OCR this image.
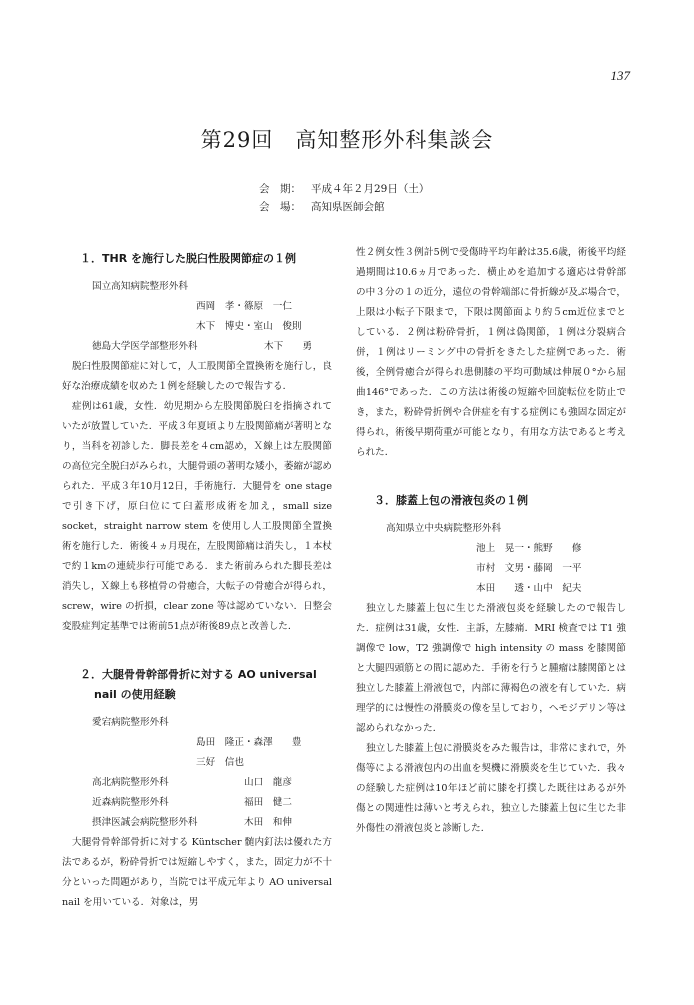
137
第29回　高知整形外科集談会
会　期： 平成４年２月29日（土）
会　場： 高知県医師会館
１．THR を施行した脱臼性股関節症の１例
国立高知病院整形外科
西岡　孝・篠原　一仁
木下　博史・室山　俊則
徳島大学医学部整形外科	木下　　勇

脱臼性股関節症に対して，人工股関節全置換術を施行し，良好な治療成績を収めた１例を経験したので報告する．

症例は61歳，女性．幼児期から左股関節脱臼を指摘されていたが放置していた．平成３年夏頃より左股関節痛が著明となり，当科を初診した．脚長差を４cm認め，Ｘ線上は左股関節の高位完全脱臼がみられ，大腿骨頭の著明な矮小，萎縮が認められた．平成３年10月12日，手術施行．大腿骨を one stage で引き下げ，原臼位にて臼蓋形成術を加え，small size socket，straight narrow stem を使用し人工股関節全置換術を施行した．術後４ヵ月現在，左股関節痛は消失し，１本杖で約１kmの連続歩行可能である．また術前みられた脚長差は消失し，Ｘ線上も移植骨の骨癒合，大転子の骨癒合が得られ，screw，wire の折損，clear zone 等は認めていない．日整会変股症判定基準では術前51点が術後89点と改善した．

２．大腿骨骨幹部骨折に対する AO universal nail の使用経験
愛宕病院整形外科
島田　隆正・森澤　　豊
三好　信也
高北病院整形外科	山口　龍彦
近森病院整形外科	福田　健二
摂津医誠会病院整形外科	木田　和伸

大腿骨骨幹部骨折に対する Küntscher 髄内釘法は優れた方法であるが，粉砕骨折では短縮しやすく，また，固定力が不十分といった問題があり，当院では平成元年より AO universal nail を用いている．対象は，男

性２例女性３例計5例で受傷時平均年齢は35.6歳，術後平均経過期間は10.6ヵ月であった．横止めを追加する適応は骨幹部の中３分の１の近分，遠位の骨幹端部に骨折線が及ぶ場合で，上限は小転子下限まで，下限は関節面より約５cm近位までとしている．２例は粉砕骨折，１例は偽関節，１例は分裂病合併，１例はリーミング中の骨折をきたした症例であった．術後，全例骨癒合が得られ患側膝の平均可動域は伸展０°から屈曲146°であった．この方法は術後の短縮や回旋転位を防止でき，また，粉砕骨折例や合併症を有する症例にも強固な固定が得られ，術後早期荷重が可能となり，有用な方法であると考えられた．

３．膝蓋上包の滑液包炎の１例
高知県立中央病院整形外科
池上　晃一・熊野　　修
市村　文男・藤岡　一平
本田　　透・山中　紀夫

独立した膝蓋上包に生じた滑液包炎を経験したので報告した．症例は31歳，女性．主訴，左膝痛．MRI 検査では T1 強調像で low，T2 強調像で high intensity の mass を膝関節と大腿四頭筋との間に認めた．手術を行うと腫瘤は膝関節とは独立した膝蓋上滑液包で，内部に薄褐色の液を有していた．病理学的には慢性の滑膜炎の像を呈しており，ヘモジデリン等は認められなかった．

独立した膝蓋上包に滑膜炎をみた報告は，非常にまれで，外傷等による滑液包内の出血を契機に滑膜炎を生じていた．我々の経験した症例は10年ほど前に膝を打撲した既往はあるが外傷との関連性は薄いと考えられ，独立した膝蓋上包に生じた非外傷性の滑液包炎と診断した．
